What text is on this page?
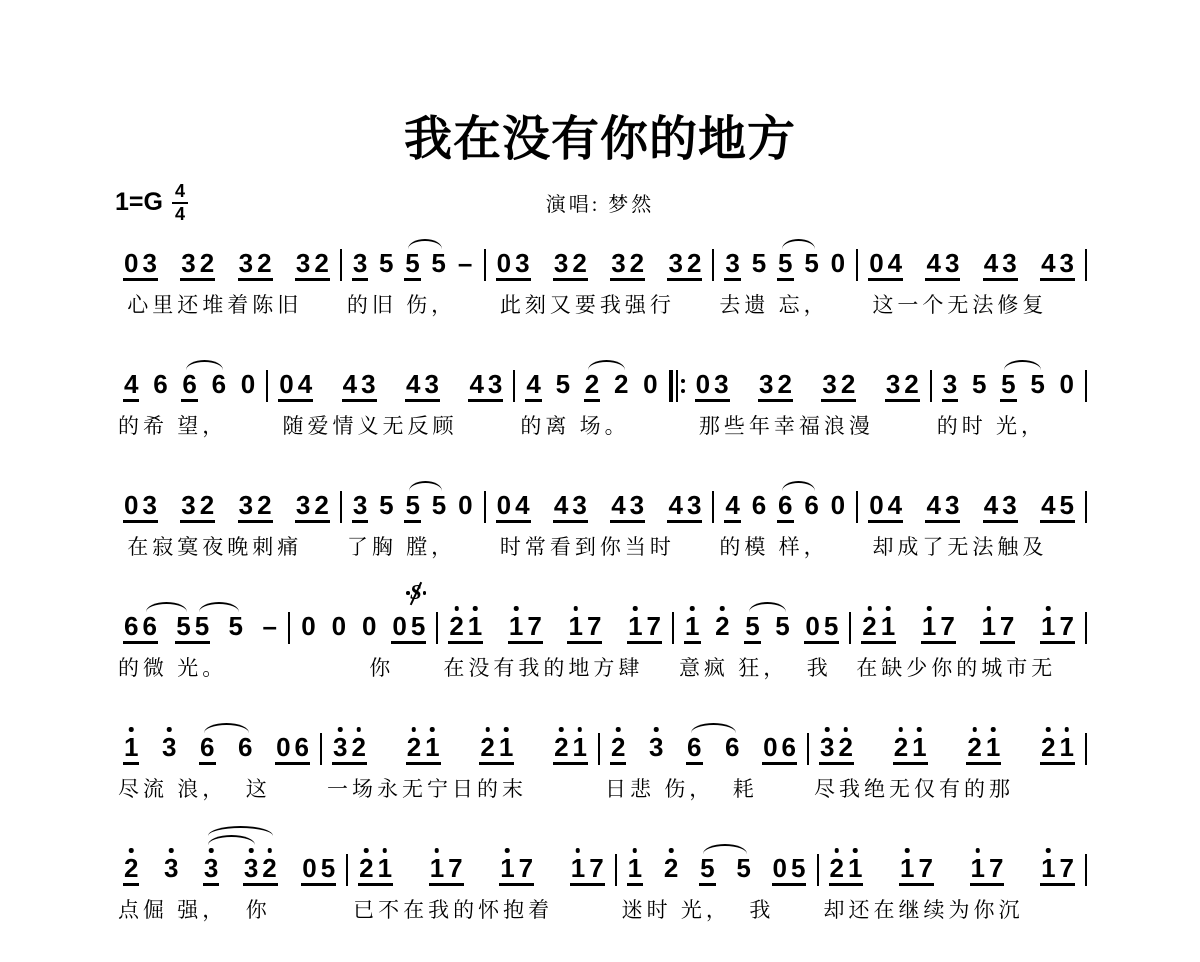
我在没有你的地方
1= G $\frac{4}{4}$	演唱: 梦然
0 3 3 2 3 2 3 2
心里还堆着陈旧
3 5 5 5 –
的旧 伤，
0 3 3 2 3 2 3 2
此刻又要我强行
3 5 5 5 0
去遗 忘，
0 4 4 3 4 3 4 3
这一个无法修复
4 6 6 6 0
的希 望，
0 4 4 3 4 3 4 3
随爱情义无反顾
4 5 2 2 0
的离 场。
0 3 3 2 3 2 3 2
那些年幸福浪漫
3 5 5 5 0
的时 光，
0 3 3 2 3 2 3 2
在寂寞夜晚刺痛
3 5 5 5 0
了胸 膛，
0 4 4 3 4 3 4 3
时常看到你当时
4 6 6 6 0
的模 样，
0 4 4 3 4 3 4 5
却成了无法触及
6 6 5 5 5 –
的微 光。
0 0 0 0 5
你
2 1 1 7 1 7 1 7
在没有我的地方肆
1 2 5 5 0 5
意疯 狂，  我
2 1 1 7 1 7 1 7
在缺少你的城市无
S
1 3 6 6 0 6
尽流 浪，  这
3 2 2 1 2 1 2 1
一场永无宁日的末
2 3 6 6 0 6
日悲 伤，  耗
3 2 2 1 2 1 2 1
尽我绝无仅有的那
2 3 3 3 2 0 5
点倔 强，  你
2 1 1 7 1 7 1 7
已不在我的怀抱着
1 2 5 5 0 5
迷时 光，  我
2 1 1 7 1 7 1 7
却还在继续为你沉
